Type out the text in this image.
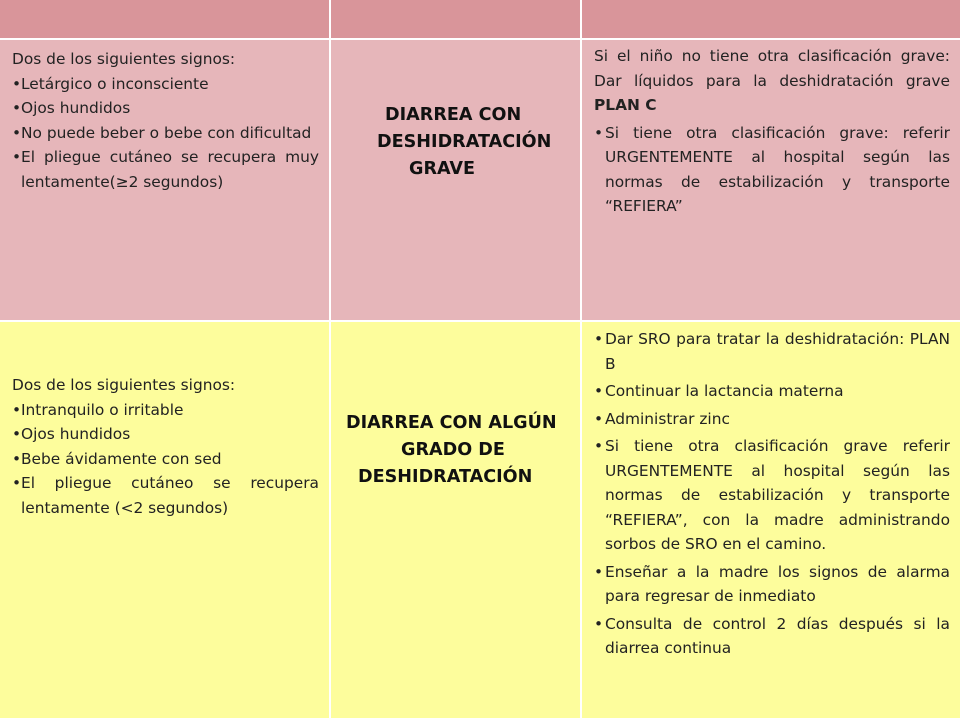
Dos de los siguientes signos:

• Letárgico o inconsciente
• Ojos hundidos
• No puede beber o bebe con dificultad
• El pliegue cutáneo se recupera muy lentamente(≥2 segundos)
DIARREA CON
DESHIDRATACIÓN
GRAVE

Si el niño no tiene otra clasificación grave: Dar líquidos para la deshidratación grave PLAN C

• Si tiene otra clasificación grave: referir URGENTEMENTE al hospital según las normas de estabilización y transporte “REFIERA”

Dos de los siguientes signos:

• Intranquilo o irritable
• Ojos hundidos
• Bebe ávidamente con sed
• El pliegue cutáneo se recupera lentamente (<2 segundos)
DIARREA CON ALGÚN
GRADO DE
DESHIDRATACIÓN
• Dar SRO para tratar la deshidratación: PLAN B
• Continuar la lactancia materna
• Administrar zinc
• Si tiene otra clasificación grave referir URGENTEMENTE al hospital según las normas de estabilización y transporte “REFIERA”, con la madre administrando sorbos de SRO en el camino.
• Enseñar a la madre los signos de alarma para regresar de inmediato
• Consulta de control 2 días después si la diarrea continua
